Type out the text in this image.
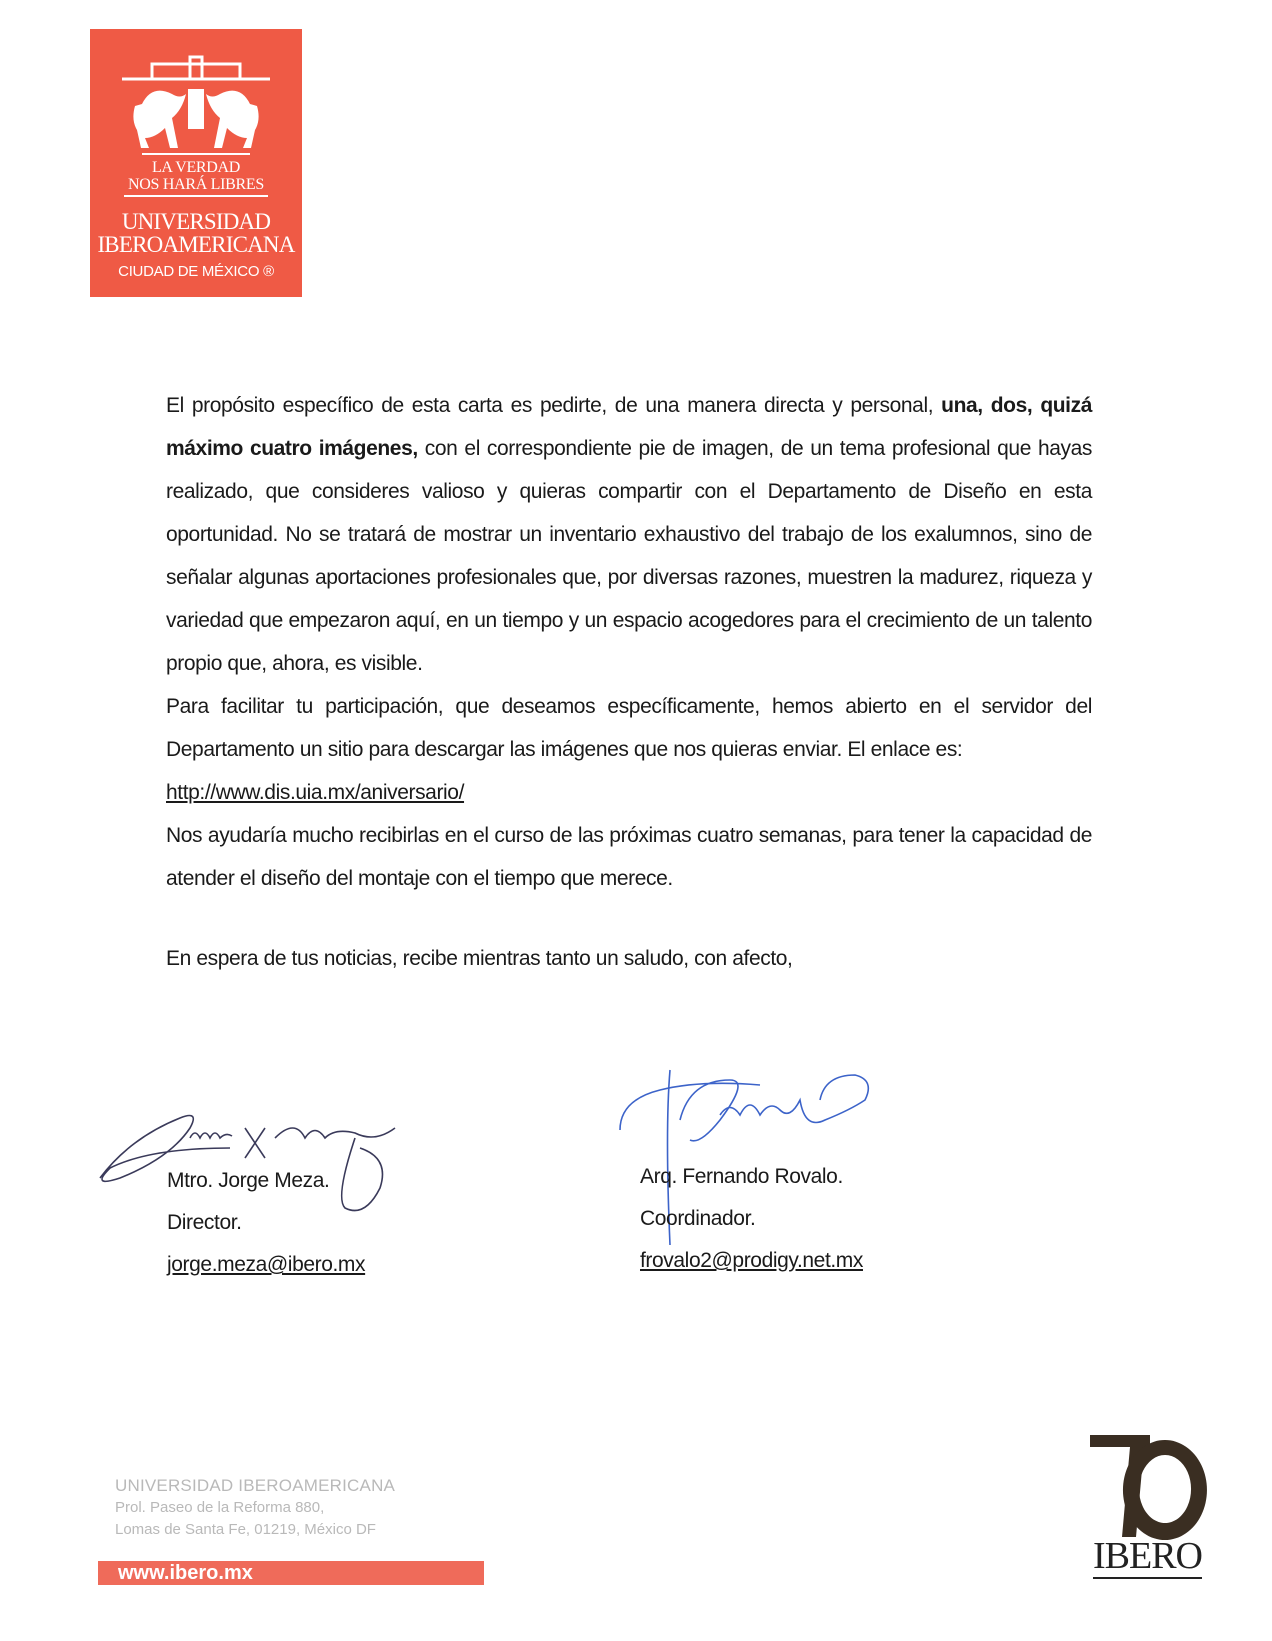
LA VERDAD
NOS HARÁ LIBRES
UNIVERSIDAD
IBEROAMERICANA
CIUDAD DE MÉXICO ®

El propósito específico de esta carta es pedirte, de una manera directa y personal, una, dos, quizá máximo cuatro imágenes, con el correspondiente pie de imagen, de un tema profesional que hayas realizado, que consideres valioso y quieras compartir con el Departamento de Diseño en esta oportunidad. No se tratará de mostrar un inventario exhaustivo del trabajo de los exalumnos, sino de señalar algunas aportaciones profesionales que, por diversas razones, muestren la madurez, riqueza y variedad que empezaron aquí, en un tiempo y un espacio acogedores para el crecimiento de un talento propio que, ahora, es visible.

Para facilitar tu participación, que deseamos específicamente, hemos abierto en el servidor del Departamento un sitio para descargar las imágenes que nos quieras enviar. El enlace es:

http://www.dis.uia.mx/aniversario/

Nos ayudaría mucho recibirlas en el curso de las próximas cuatro semanas, para tener la capacidad de atender el diseño del montaje con el tiempo que merece.

En espera de tus noticias, recibe mientras tanto un saludo, con afecto,
Mtro. Jorge Meza.
Director.
jorge.meza@ibero.mx
Arq. Fernando Rovalo.
Coordinador.
frovalo2@prodigy.net.mx
UNIVERSIDAD IBEROAMERICANA
Prol. Paseo de la Reforma 880,
Lomas de Santa Fe, 01219, México DF
www.ibero.mx	IBERO
